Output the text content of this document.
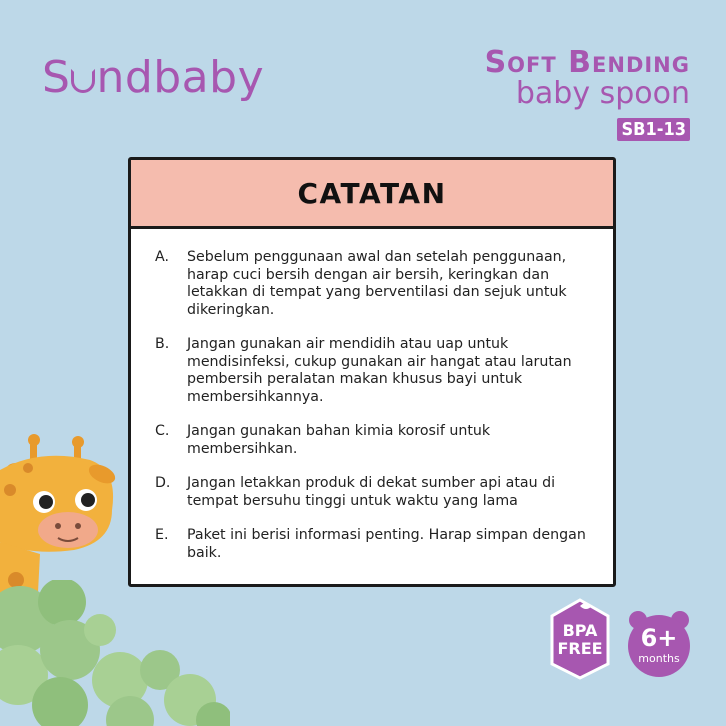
S ndbaby	Soft Bending
baby spoon
SB1-13
CATATAN
A.	Sebelum penggunaan awal dan setelah penggunaan, harap cuci bersih dengan air bersih, keringkan dan letakkan di tempat yang berventilasi dan sejuk untuk dikeringkan.
B.	Jangan gunakan air mendidih atau uap untuk mendisinfeksi, cukup gunakan air hangat atau larutan pembersih peralatan makan khusus bayi untuk membersihkannya.
C.	Jangan gunakan bahan kimia korosif untuk membersihkan.
D.	Jangan letakkan produk di dekat sumber api atau di tempat bersuhu tinggi untuk waktu yang lama
E.	Paket ini berisi informasi penting. Harap simpan dengan baik.
BPA
FREE	6+
months
